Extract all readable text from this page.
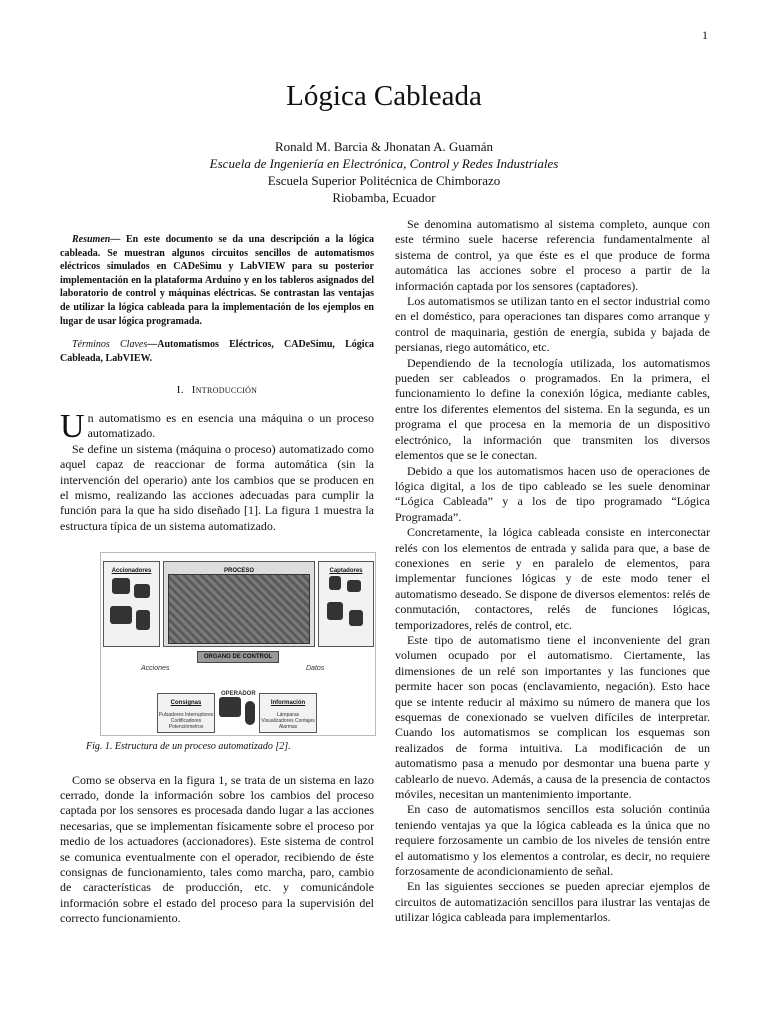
1
Lógica Cableada
Ronald M. Barcia & Jhonatan A. Guamán
Escuela de Ingeniería en Electrónica, Control y Redes Industriales
Escuela Superior Politécnica de Chimborazo
Riobamba, Ecuador
Resumen— En este documento se da una descripción a la lógica cableada. Se muestran algunos circuitos sencillos de automatismos eléctricos simulados en CADeSimu y LabVIEW para su posterior implementación en la plataforma Arduino y en los tableros asignados del laboratorio de control y máquinas eléctricas. Se contrastan las ventajas de utilizar la lógica cableada para la implementación de los ejemplos en lugar de usar lógica programada.
Términos Claves—Automatismos Eléctricos, CADeSimu, Lógica Cableada, LabVIEW.
I. Introducción

Un automatismo es en esencia una máquina o un proceso automatizado.

Se define un sistema (máquina o proceso) automatizado como aquel capaz de reaccionar de forma automática (sin la intervención del operario) ante los cambios que se producen en el mismo, realizando las acciones adecuadas para cumplir la función para la que ha sido diseñado [1]. La figura 1 muestra la estructura típica de un sistema automatizado.

Accionadores	PROCESO	Captadores
ORGANO DE CONTROL
Acciones	Datos
OPERADOR
Consignas
Pulsadores Interruptores Codificadores Potenciómetros
Información
Lámparas Visualizadores Contajes Alarmas
Fig. 1. Estructura de un proceso automatizado [2].

Como se observa en la figura 1, se trata de un sistema en lazo cerrado, donde la información sobre los cambios del proceso captada por los sensores es procesada dando lugar a las acciones necesarias, que se implementan físicamente sobre el proceso por medio de los actuadores (accionadores). Este sistema de control se comunica eventualmente con el operador, recibiendo de éste consignas de funcionamiento, tales como marcha, paro, cambio de características de producción, etc. y comunicándole información sobre el estado del proceso para la supervisión del correcto funcionamiento.

Se denomina automatismo al sistema completo, aunque con este término suele hacerse referencia fundamentalmente al sistema de control, ya que éste es el que produce de forma automática las acciones sobre el proceso a partir de la información captada por los sensores (captadores).

Los automatismos se utilizan tanto en el sector industrial como en el doméstico, para operaciones tan dispares como arranque y control de maquinaria, gestión de energía, subida y bajada de persianas, riego automático, etc.

Dependiendo de la tecnología utilizada, los automatismos pueden ser cableados o programados. En la primera, el funcionamiento lo define la conexión lógica, mediante cables, entre los diferentes elementos del sistema. En la segunda, es un programa el que procesa en la memoria de un dispositivo electrónico, la información que transmiten los diversos elementos que se le conectan.

Debido a que los automatismos hacen uso de operaciones de lógica digital, a los de tipo cableado se les suele denominar “Lógica Cableada” y a los de tipo programado “Lógica Programada”.

Concretamente, la lógica cableada consiste en interconectar relés con los elementos de entrada y salida para que, a base de conexiones en serie y en paralelo de elementos, para implementar funciones lógicas y de este modo tener el automatismo deseado. Se dispone de diversos elementos: relés de conmutación, contactores, relés de funciones lógicas, temporizadores, relés de control, etc.

Este tipo de automatismo tiene el inconveniente del gran volumen ocupado por el automatismo. Ciertamente, las dimensiones de un relé son importantes y las funciones que permite hacer son pocas (enclavamiento, negación). Esto hace que se intente reducir al máximo su número de manera que los esquemas de conexionado se vuelven difíciles de interpretar. Cuando los automatismos se complican los esquemas son realizados de forma intuitiva. La modificación de un automatismo pasa a menudo por desmontar una buena parte y cablearlo de nuevo. Además, a causa de la presencia de contactos móviles, necesitan un mantenimiento importante.

En caso de automatismos sencillos esta solución continúa teniendo ventajas ya que la lógica cableada es la única que no requiere forzosamente un cambio de los niveles de tensión entre el automatismo y los elementos a controlar, es decir, no requiere forzosamente de acondicionamiento de señal.

En las siguientes secciones se pueden apreciar ejemplos de circuitos de automatización sencillos para ilustrar las ventajas de utilizar lógica cableada para implementarlos.
